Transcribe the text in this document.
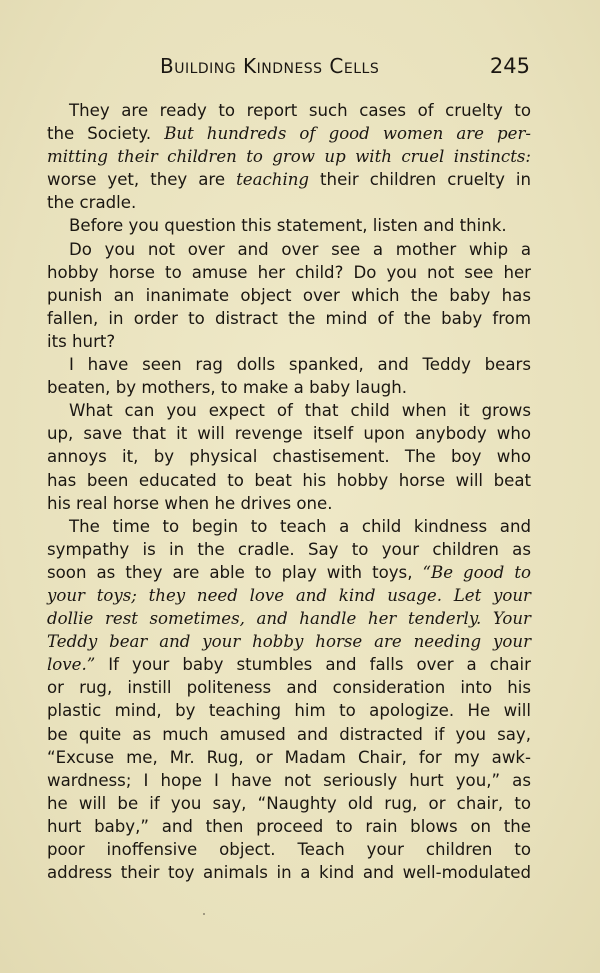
Building Kindness Cells	245
They are ready to report such cases of cruelty to
the Society. But hundreds of good women are per-
mitting their children to grow up with cruel instincts:
worse yet, they are teaching their children cruelty in
the cradle.
Before you question this statement, listen and think.
Do you not over and over see a mother whip a
hobby horse to amuse her child? Do you not see her
punish an inanimate object over which the baby has
fallen, in order to distract the mind of the baby from
its hurt?
I have seen rag dolls spanked, and Teddy bears
beaten, by mothers, to make a baby laugh.
What can you expect of that child when it grows
up, save that it will revenge itself upon anybody who
annoys it, by physical chastisement. The boy who
has been educated to beat his hobby horse will beat
his real horse when he drives one.
The time to begin to teach a child kindness and
sympathy is in the cradle. Say to your children as
soon as they are able to play with toys, “Be good to
your toys; they need love and kind usage. Let your
dollie rest sometimes, and handle her tenderly. Your
Teddy bear and your hobby horse are needing your
love.” If your baby stumbles and falls over a chair
or rug, instill politeness and consideration into his
plastic mind, by teaching him to apologize. He will
be quite as much amused and distracted if you say,
“Excuse me, Mr. Rug, or Madam Chair, for my awk-
wardness; I hope I have not seriously hurt you,” as
he will be if you say, “Naughty old rug, or chair, to
hurt baby,” and then proceed to rain blows on the
poor inoffensive object. Teach your children to
address their toy animals in a kind and well-modulated
